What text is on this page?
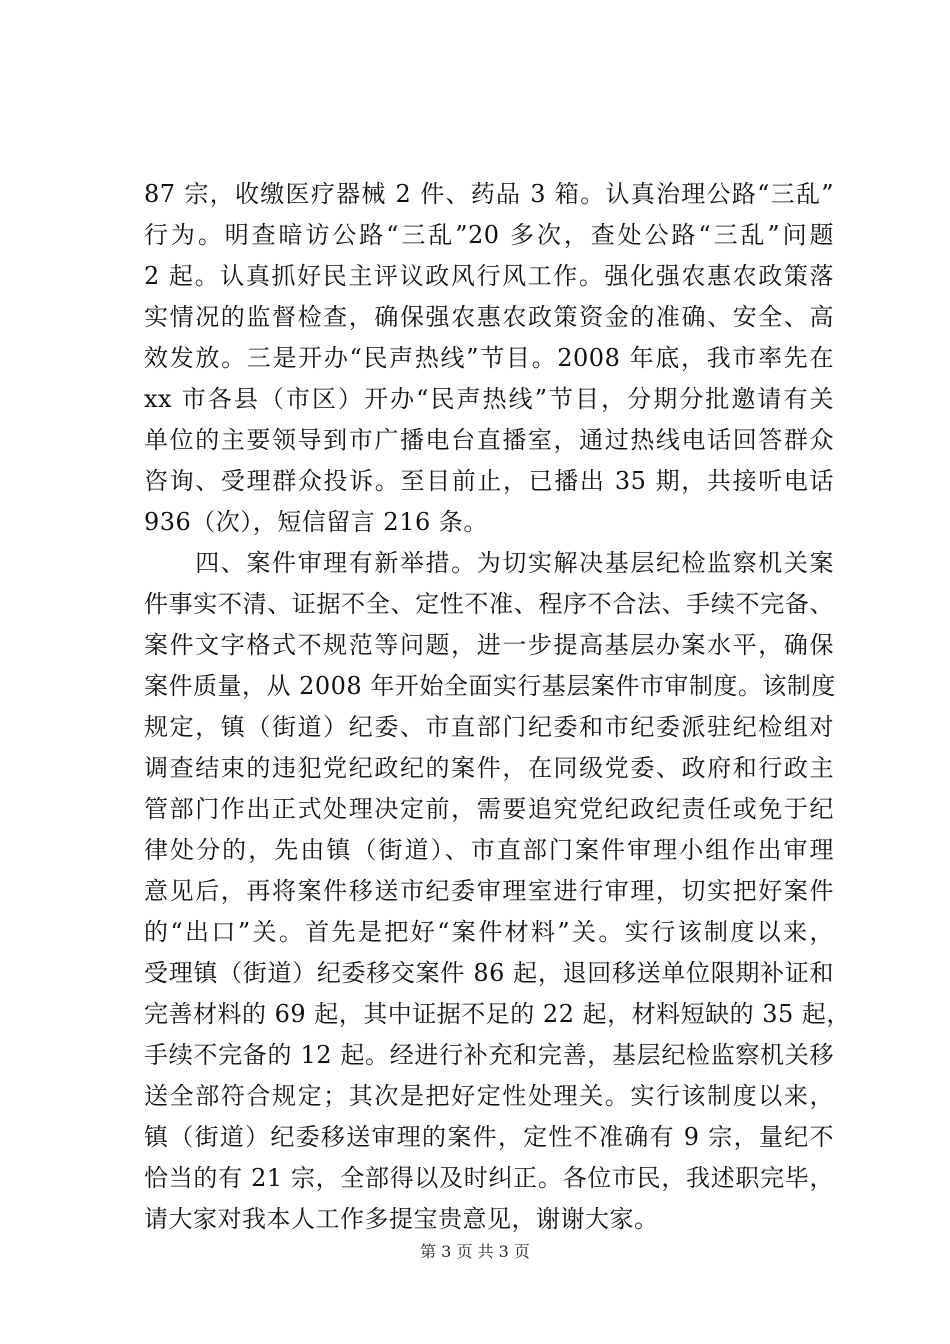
87 宗，收缴医疗器械 2 件、药品 3 箱。认真治理公路“三乱”
行为。明查暗访公路“三乱”20 多次，查处公路“三乱”问题
2 起。认真抓好民主评议政风行风工作。强化强农惠农政策落
实情况的监督检查，确保强农惠农政策资金的准确、安全、高
效发放。三是开办“民声热线”节目。2008 年底，我市率先在
xx 市各县（市区）开办“民声热线”节目，分期分批邀请有关
单位的主要领导到市广播电台直播室，通过热线电话回答群众
咨询、受理群众投诉。至目前止，已播出 35 期，共接听电话
936（次），短信留言 216 条。
　　四、案件审理有新举措。为切实解决基层纪检监察机关案
件事实不清、证据不全、定性不准、程序不合法、手续不完备、
案件文字格式不规范等问题，进一步提高基层办案水平，确保
案件质量，从 2008 年开始全面实行基层案件市审制度。该制度
规定，镇（街道）纪委、市直部门纪委和市纪委派驻纪检组对
调查结束的违犯党纪政纪的案件，在同级党委、政府和行政主
管部门作出正式处理决定前，需要追究党纪政纪责任或免于纪
律处分的，先由镇（街道）、市直部门案件审理小组作出审理
意见后，再将案件移送市纪委审理室进行审理，切实把好案件
的“出口”关。首先是把好“案件材料”关。实行该制度以来，
受理镇（街道）纪委移交案件 86 起，退回移送单位限期补证和
完善材料的 69 起，其中证据不足的 22 起，材料短缺的 35 起，
手续不完备的 12 起。经进行补充和完善，基层纪检监察机关移
送全部符合规定；其次是把好定性处理关。实行该制度以来，
镇（街道）纪委移送审理的案件，定性不准确有 9 宗，量纪不
恰当的有 21 宗，全部得以及时纠正。各位市民，我述职完毕，
请大家对我本人工作多提宝贵意见，谢谢大家。
第 3 页 共 3 页
